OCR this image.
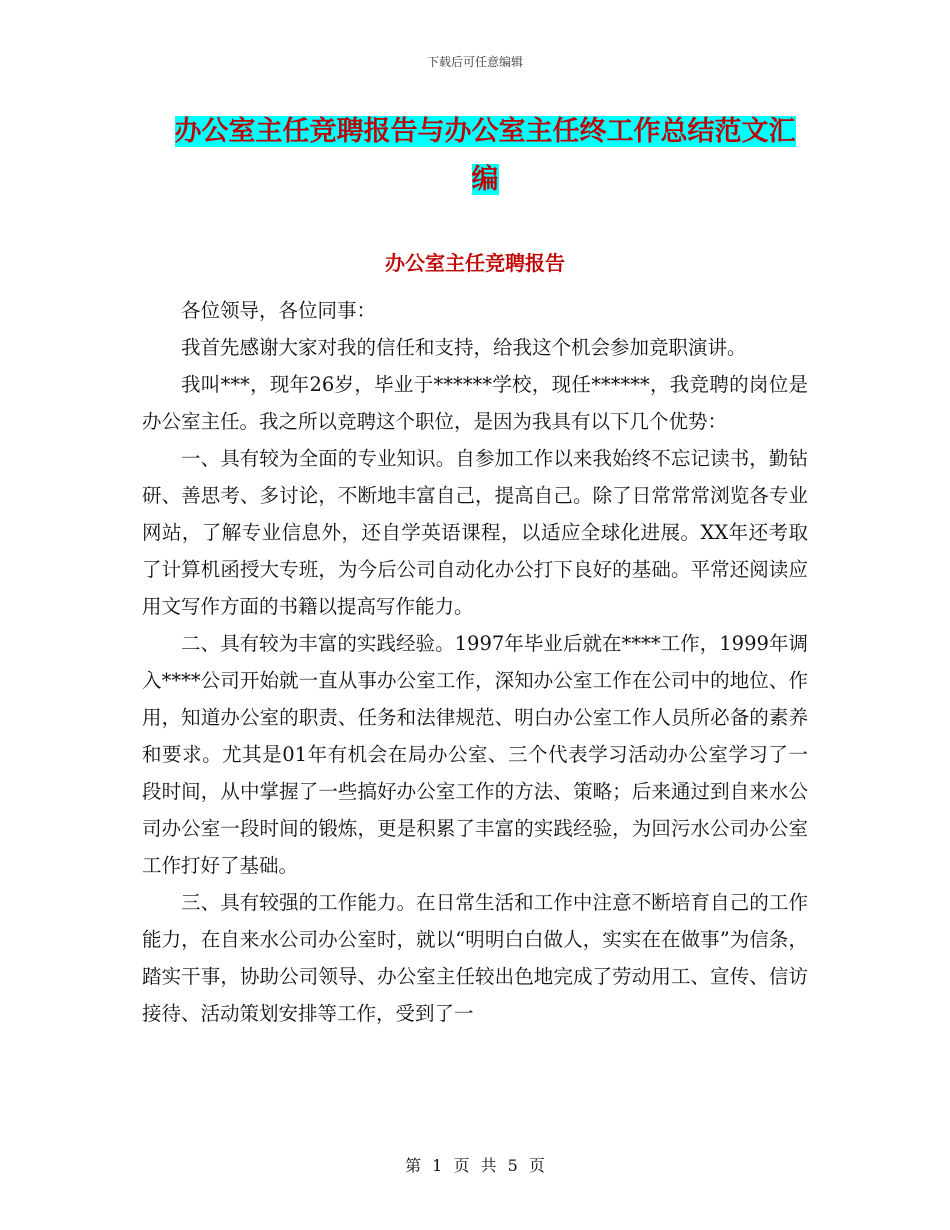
下载后可任意编辑
办公室主任竞聘报告与办公室主任终工作总结范文汇
编
办公室主任竞聘报告

各位领导，各位同事：

我首先感谢大家对我的信任和支持，给我这个机会参加竞职演讲。

我叫***，现年26岁，毕业于******学校，现任******，我竞聘的岗位是办公室主任。我之所以竞聘这个职位，是因为我具有以下几个优势：

一、具有较为全面的专业知识。自参加工作以来我始终不忘记读书，勤钻研、善思考、多讨论，不断地丰富自己，提高自己。除了日常常常浏览各专业网站，了解专业信息外，还自学英语课程，以适应全球化进展。XX年还考取了计算机函授大专班，为今后公司自动化办公打下良好的基础。平常还阅读应用文写作方面的书籍以提高写作能力。

二、具有较为丰富的实践经验。1997年毕业后就在****工作，1999年调入****公司开始就一直从事办公室工作，深知办公室工作在公司中的地位、作用，知道办公室的职责、任务和法律规范、明白办公室工作人员所必备的素养和要求。尤其是01年有机会在局办公室、三个代表学习活动办公室学习了一段时间，从中掌握了一些搞好办公室工作的方法、策略；后来通过到自来水公司办公室一段时间的锻炼，更是积累了丰富的实践经验，为回污水公司办公室工作打好了基础。

三、具有较强的工作能力。在日常生活和工作中注意不断培育自己的工作能力，在自来水公司办公室时，就以“明明白白做人，实实在在做事”为信条，踏实干事，协助公司领导、办公室主任较出色地完成了劳动用工、宣传、信访接待、活动策划安排等工作，受到了一

第 1 页 共 5 页
